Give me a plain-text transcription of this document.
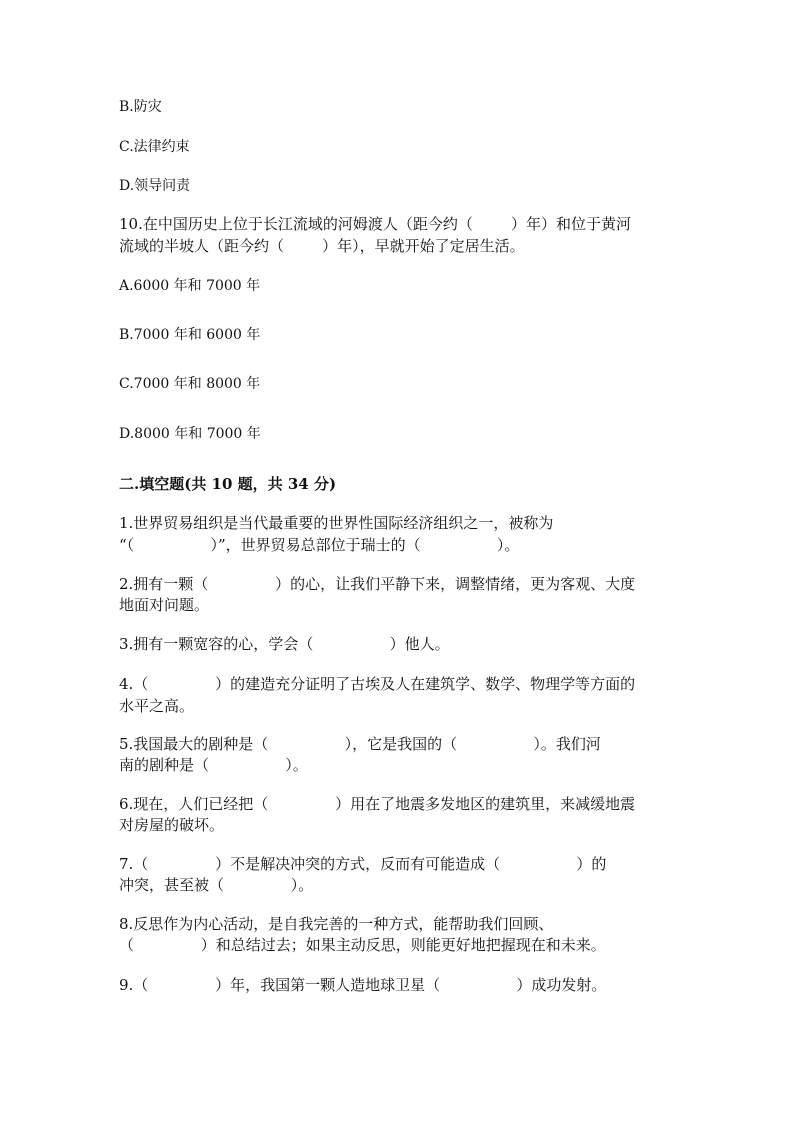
B.防灾

C.法律约束

D.领导问责

10.在中国历史上位于长江流域的河姆渡人（距今约（        ）年）和位于黄河

流域的半坡人（距今约（        ）年），早就开始了定居生活。

A.6000 年和 7000 年

B.7000 年和 6000 年

C.7000 年和 8000 年

D.8000 年和 7000 年

二.填空题(共 10 题，共 34 分)

1.世界贸易组织是当代最重要的世界性国际经济组织之一，被称为

“（                ）”，世界贸易总部位于瑞士的（                ）。

2.拥有一颗（              ）的心，让我们平静下来，调整情绪，更为客观、大度

地面对问题。

3.拥有一颗宽容的心，学会（                ）他人。

4.（              ）的建造充分证明了古埃及人在建筑学、数学、物理学等方面的

水平之高。

5.我国最大的剧种是（                ），它是我国的（                ）。我们河

南的剧种是（                ）。

6.现在，人们已经把（              ）用在了地震多发地区的建筑里，来减缓地震

对房屋的破坏。

7.（              ）不是解决冲突的方式，反而有可能造成（                ）的

冲突，甚至被（              ）。

8.反思作为内心活动，是自我完善的一种方式，能帮助我们回顾、

（              ）和总结过去；如果主动反思，则能更好地把握现在和未来。

9.（              ）年，我国第一颗人造地球卫星（                ）成功发射。
